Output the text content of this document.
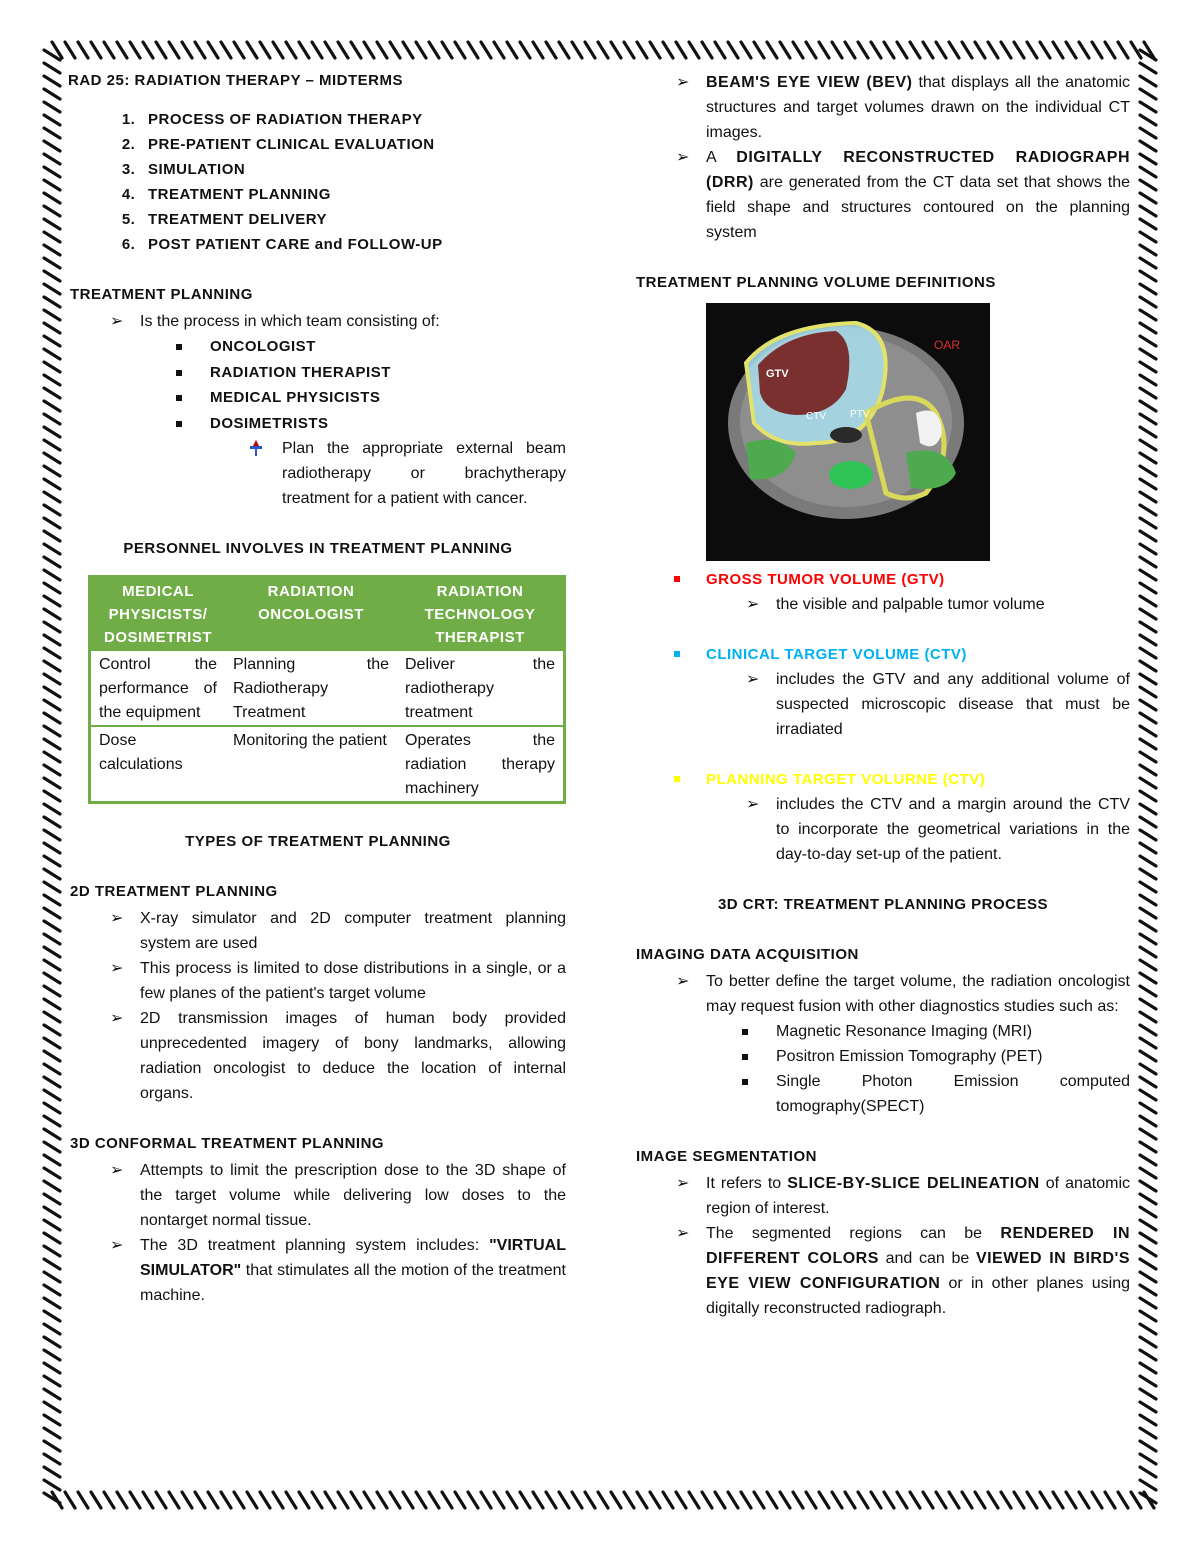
RAD 25: RADIATION THERAPY – MIDTERMS

1. PROCESS OF RADIATION THERAPY
2. PRE-PATIENT CLINICAL EVALUATION
3. SIMULATION
4. TREATMENT PLANNING
5. TREATMENT DELIVERY
6. POST PATIENT CARE and FOLLOW-UP

TREATMENT PLANNING

➢ Is the process in which team consisting of:
ONCOLOGIST
RADIATION THERAPIST
MEDICAL PHYSICISTS
DOSIMETRISTS
Plan the appropriate external beam radiotherapy or brachytherapy treatment for a patient with cancer.

PERSONNEL INVOLVES IN TREATMENT PLANNING

MEDICAL PHYSICISTS/ DOSIMETRIST	RADIATION ONCOLOGIST	RADIATION TECHNOLOGY THERAPIST
Control the performance of the equipment	Planning the Radiotherapy Treatment	Deliver the radiotherapy treatment
Dose calculations	Monitoring the patient	Operates the radiation therapy machinery

TYPES OF TREATMENT PLANNING

2D TREATMENT PLANNING

➢ X-ray simulator and 2D computer treatment planning system are used
➢ This process is limited to dose distributions in a single, or a few planes of the patient's target volume
➢ 2D transmission images of human body provided unprecedented imagery of bony landmarks, allowing radiation oncologist to deduce the location of internal organs.

3D CONFORMAL TREATMENT PLANNING

➢ Attempts to limit the prescription dose to the 3D shape of the target volume while delivering low doses to the nontarget normal tissue.
➢ The 3D treatment planning system includes: "VIRTUAL SIMULATOR" that stimulates all the motion of the treatment machine.
➢ BEAM'S EYE VIEW (BEV) that displays all the anatomic structures and target volumes drawn on the individual CT images.
➢ A DIGITALLY RECONSTRUCTED RADIOGRAPH (DRR) are generated from the CT data set that shows the field shape and structures contoured on the planning system

TREATMENT PLANNING VOLUME DEFINITIONS

GTV
CTV PTV
OAR
GROSS TUMOR VOLUME (GTV)
➢ the visible and palpable tumor volume
CLINICAL TARGET VOLUME (CTV)
➢ includes the GTV and any additional volume of suspected microscopic disease that must be irradiated
PLANNING TARGET VOLURNE (CTV)
➢ includes the CTV and a margin around the CTV to incorporate the geometrical variations in the day-to-day set-up of the patient.

3D CRT: TREATMENT PLANNING PROCESS

IMAGING DATA ACQUISITION

➢ To better define the target volume, the radiation oncologist may request fusion with other diagnostics studies such as:
Magnetic Resonance Imaging (MRI)
Positron Emission Tomography (PET)
Single Photon Emission computed tomography(SPECT)

IMAGE SEGMENTATION

➢ It refers to SLICE-BY-SLICE DELINEATION of anatomic region of interest.
➢ The segmented regions can be RENDERED IN DIFFERENT COLORS and can be VIEWED IN BIRD'S EYE VIEW CONFIGURATION or in other planes using digitally reconstructed radiograph.
